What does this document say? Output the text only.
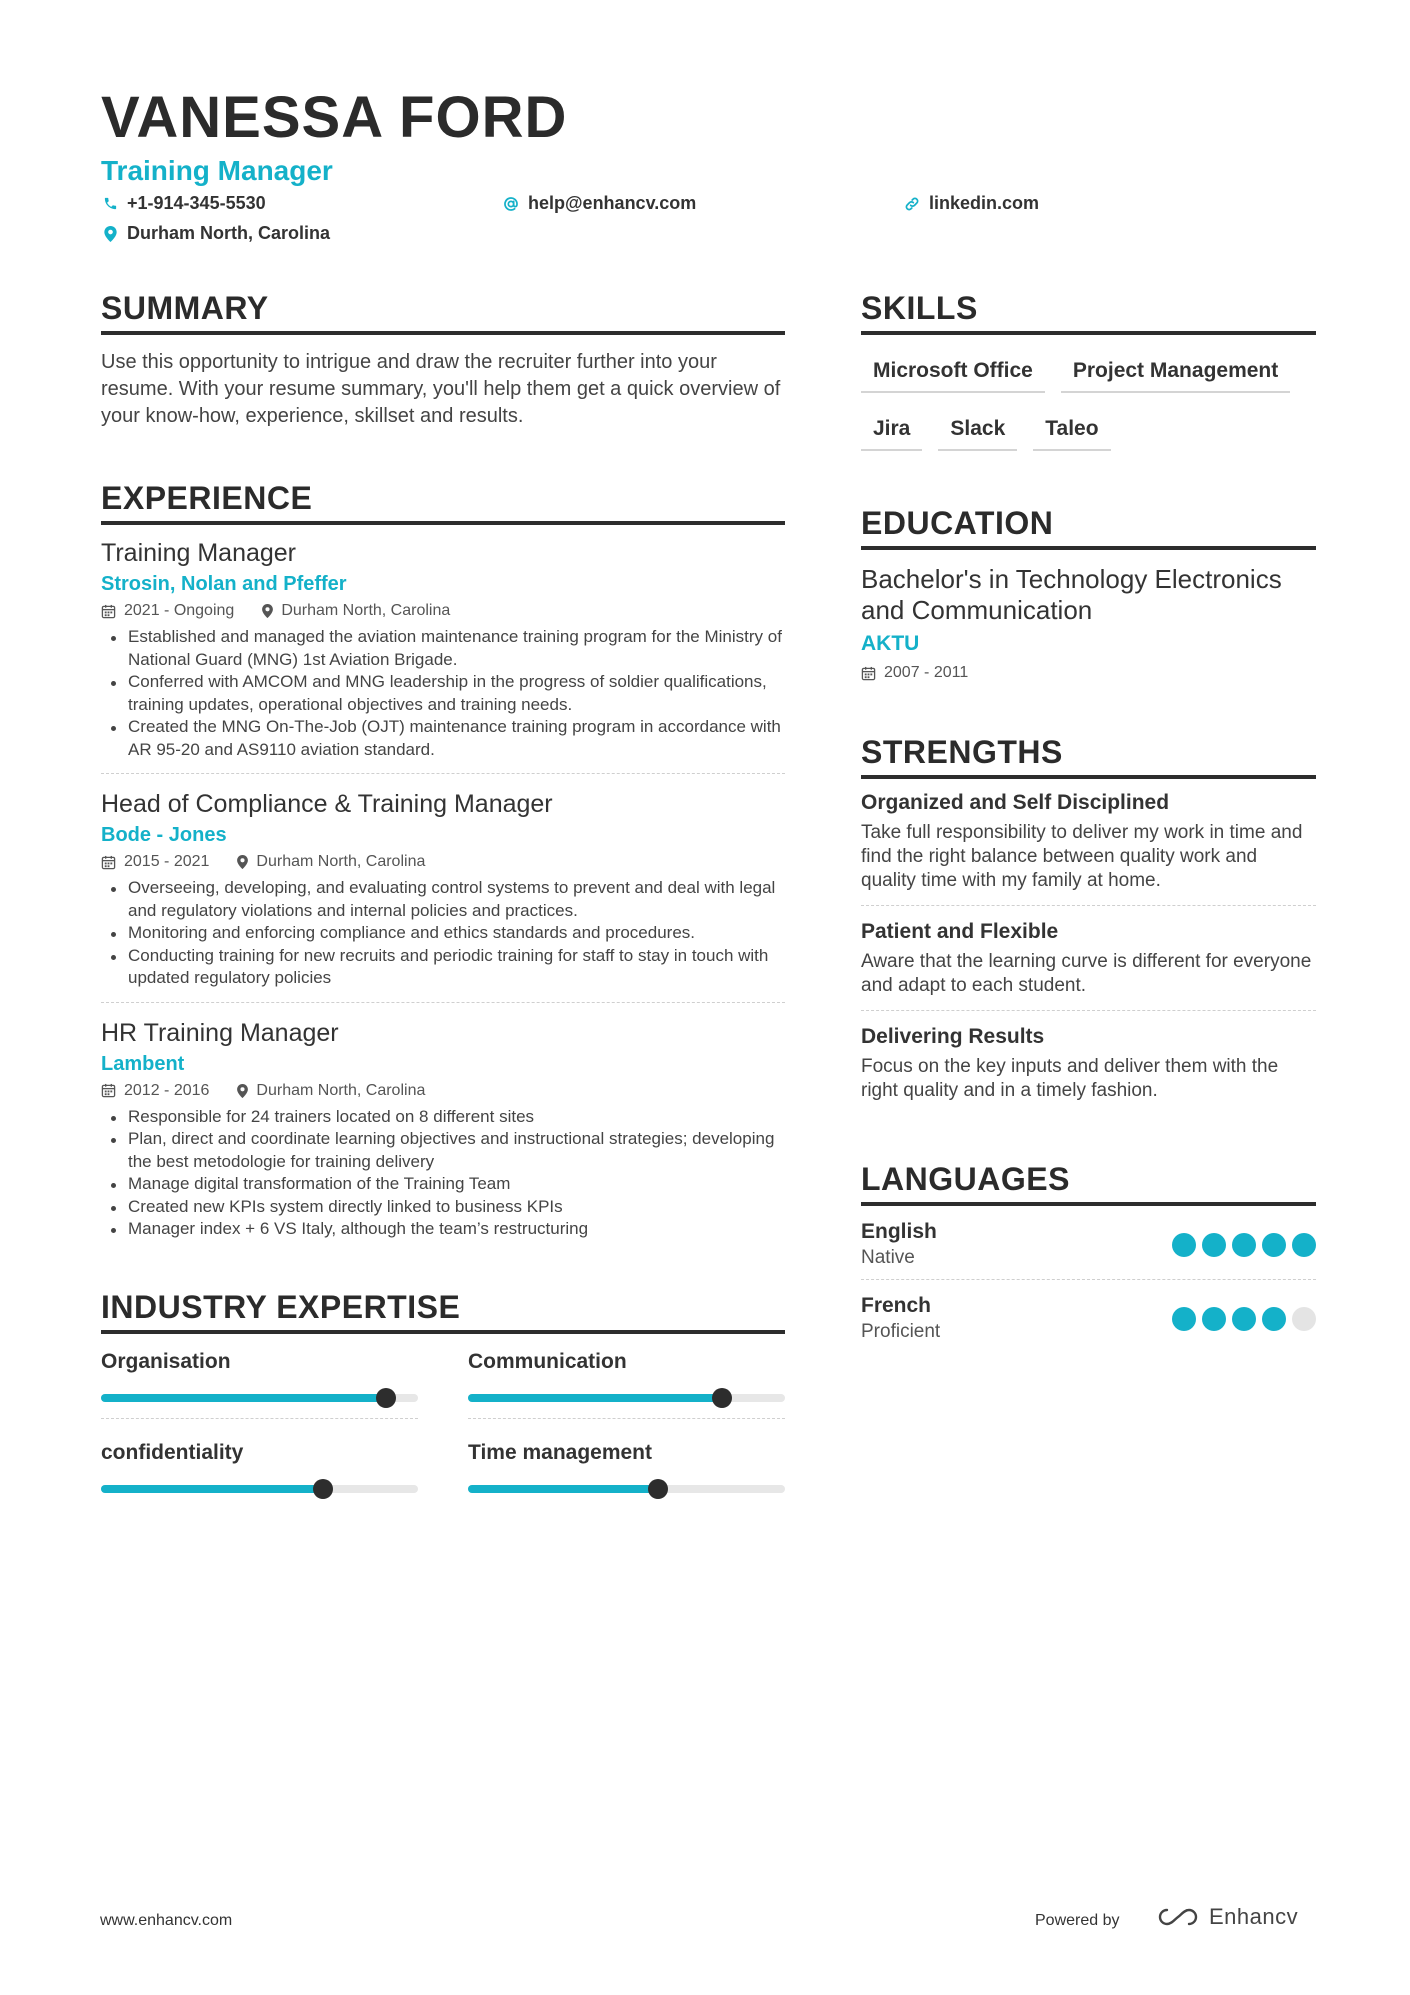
VANESSA FORD
Training Manager
+1-914-345-5530	help@enhancv.com	linkedin.com
Durham North, Carolina
SUMMARY
Use this opportunity to intrigue and draw the recruiter further into your resume. With your resume summary, you'll help them get a quick overview of your know-how, experience, skillset and results.
EXPERIENCE
Training Manager
Strosin, Nolan and Pfeffer
2021 - Ongoing	Durham North, Carolina
Established and managed the aviation maintenance training program for the Ministry of National Guard (MNG) 1st Aviation Brigade.
Conferred with AMCOM and MNG leadership in the progress of soldier qualifications, training updates, operational objectives and training needs.
Created the MNG On-The-Job (OJT) maintenance training program in accordance with AR 95-20 and AS9110 aviation standard.
Head of Compliance & Training Manager
Bode - Jones
2015 - 2021	Durham North, Carolina
Overseeing, developing, and evaluating control systems to prevent and deal with legal and regulatory violations and internal policies and practices.
Monitoring and enforcing compliance and ethics standards and procedures.
Conducting training for new recruits and periodic training for staff to stay in touch with updated regulatory policies
HR Training Manager
Lambent
2012 - 2016	Durham North, Carolina
Responsible for 24 trainers located on 8 different sites
Plan, direct and coordinate learning objectives and instructional strategies; developing the best metodologie for training delivery
Manage digital transformation of the Training Team
Created new KPIs system directly linked to business KPIs
Manager index + 6 VS Italy, although the team’s restructuring
INDUSTRY EXPERTISE
Organisation	Communication
confidentiality	Time management
SKILLS
Microsoft Office	Project Management
Jira	Slack	Taleo
EDUCATION
Bachelor's in Technology Electronics and Communication
AKTU
2007 - 2011
STRENGTHS
Organized and Self Disciplined
Take full responsibility to deliver my work in time and find the right balance between quality work and quality time with my family at home.
Patient and Flexible
Aware that the learning curve is different for everyone and adapt to each student.
Delivering Results
Focus on the key inputs and deliver them with the right quality and in a timely fashion.
LANGUAGES
English
Native
French
Proficient
www.enhancv.com	Powered by	Enhancv
